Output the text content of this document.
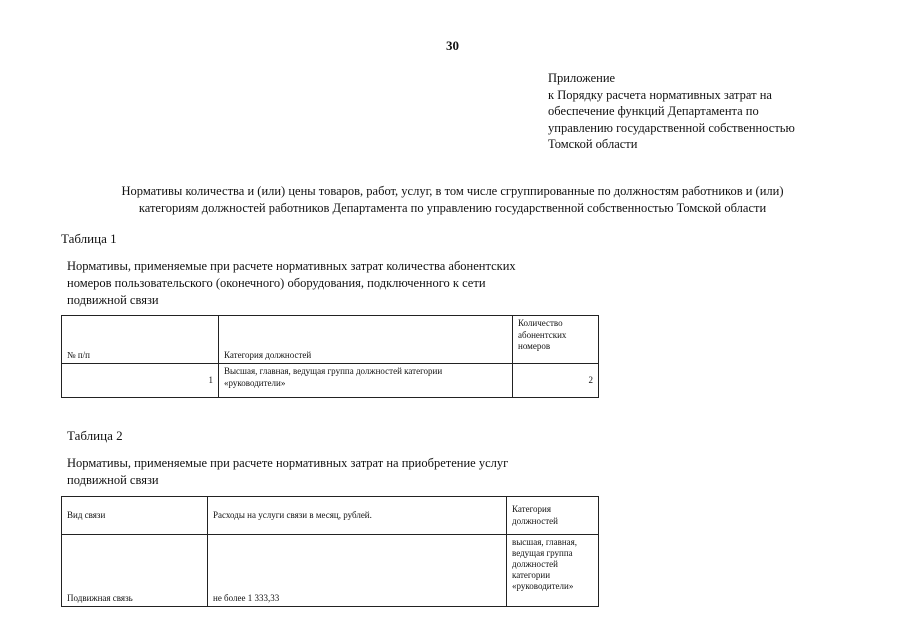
30
Приложение
к Порядку расчета нормативных затрат на
обеспечение функций Департамента по
управлению государственной собственностью
Томской области
Нормативы количества и (или) цены товаров, работ, услуг, в том числе сгруппированные по должностям работников и (или)
категориям должностей работников Департамента по управлению государственной собственностью Томской области
Таблица 1
Нормативы, применяемые при расчете нормативных затрат количества абонентских
номеров пользовательского (оконечного) оборудования, подключенного к сети
подвижной связи
№ п/п	Категория должностей	Количество
абонентских
номеров

1	Высшая, главная, ведущая группа должностей категории
«руководители»	2
Таблица 2
Нормативы, применяемые при расчете нормативных затрат на приобретение услуг
подвижной связи
Вид связи	Расходы на услуги связи в месяц, рублей.	Категория
должностей

Подвижная связь	не более 1 333,33	высшая, главная,
ведущая группа
должностей
категории
«руководители»
